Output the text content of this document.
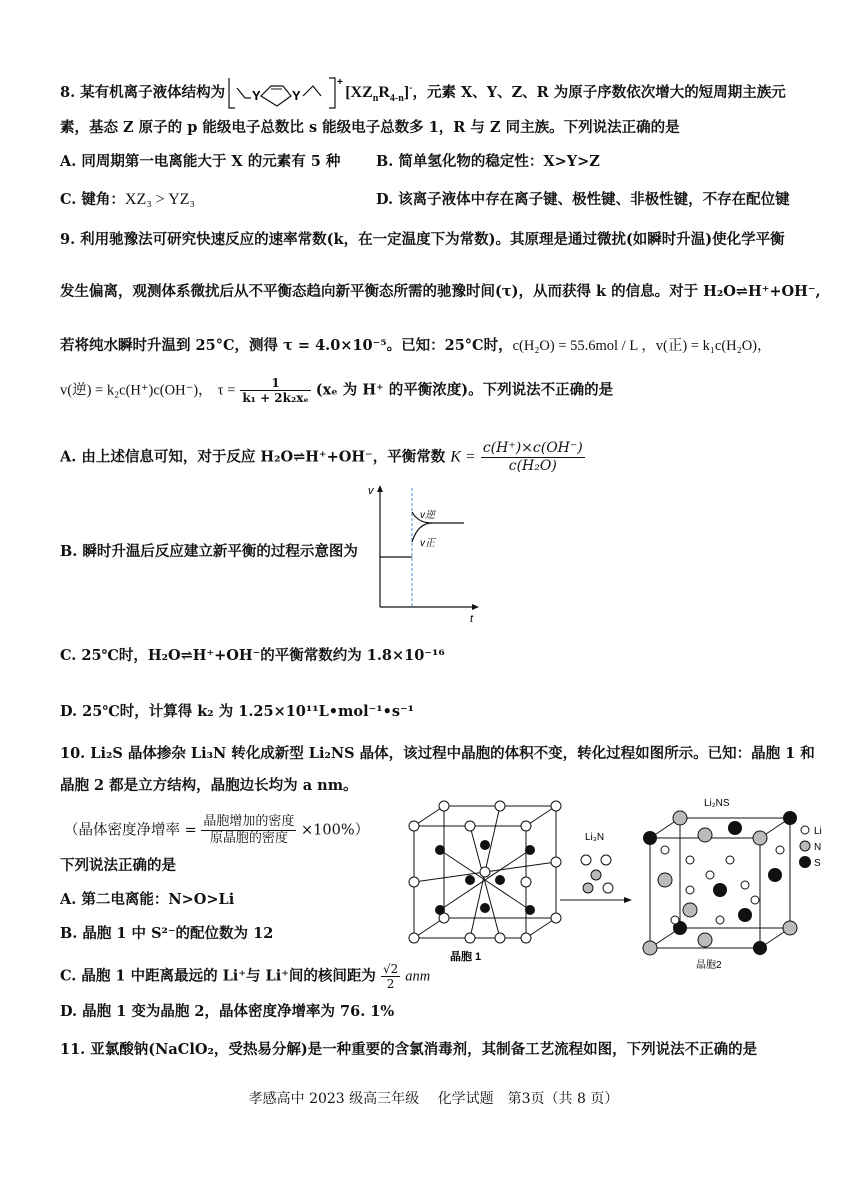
8. 某有机离子液体结构为 Y Y
+
$[XZ_nR_{4-n}]^-$，元素 X、Y、Z、R 为原子序数依次增大的短周期主族元
素，基态 Z 原子的 p 能级电子总数比 s 能级电子总数多 1，R 与 Z 同主族。下列说法正确的是
A. 同周期第一电离能大于 X 的元素有 5 种 B. 简单氢化物的稳定性：X>Y>Z
C. 键角：XZ₃ > YZ₃	D. 该离子液体中存在离子键、极性键、非极性键，不存在配位键
9. 利用驰豫法可研究快速反应的速率常数(k，在一定温度下为常数)。其原理是通过微扰(如瞬时升温)使化学平衡
发生偏离，观测体系微扰后从不平衡态趋向新平衡态所需的驰豫时间(τ)，从而获得 k 的信息。对于 H₂O⇌H⁺+OH⁻,
若将纯水瞬时升温到 25°C，测得 τ = 4.0×10⁻⁵。已知：25°C时，c(H₂O) = 55.6mol / L ，v(正) = k₁c(H₂O)，
v(逆) = k₂c(H⁺)c(OH⁻)， $\tau = \frac{1}{\text{k₁ + 2k₂xₑ}} (x_e$ 为 H⁺ 的平衡浓度)。下列说法不正确的是
A. 由上述信息可知，对于反应 H₂O⇌H⁺+OH⁻，平衡常数 $K = \frac{c(H^+)\times c(OH^-)}{\text{c(H₂O)}}$
B. 瞬时升温后反应建立新平衡的过程示意图为
v
t
v逆
v正
C. 25℃时，H₂O⇌H⁺+OH⁻的平衡常数约为 1.8×10⁻¹⁶
D. 25℃时，计算得 k₂ 为 1.25×10¹¹L•mol⁻¹•s⁻¹
10. Li₂S 晶体掺杂 Li₃N 转化成新型 Li₂NS 晶体，该过程中晶胞的体积不变，转化过程如图所示。已知：晶胞 1 和
晶胞 2 都是立方结构，晶胞边长均为 a nm。
（晶体密度净增率 = $\frac{\text{晶胞增加的密度}}{\text{原晶胞的密度}} \times 100\%$）
下列说法正确的是
A. 第二电离能：N>O>Li
B. 晶胞 1 中 S²⁻的配位数为 12
C. 晶胞 1 中距离最远的 Li⁺与 Li⁺间的核间距为 $\frac{√2}{2}$ anm
D. 晶胞 1 变为晶胞 2，晶体密度净增率为 76. 1%
晶胞 1
Li₃N
Li₂NS
晶胞2
Li
N
S
11. 亚氯酸钠(NaClO₂，受热易分解)是一种重要的含氯消毒剂，其制备工艺流程如图，下列说法不正确的是
孝感高中 2023 级高三年级　 化学试题　第3页（共 8 页）
